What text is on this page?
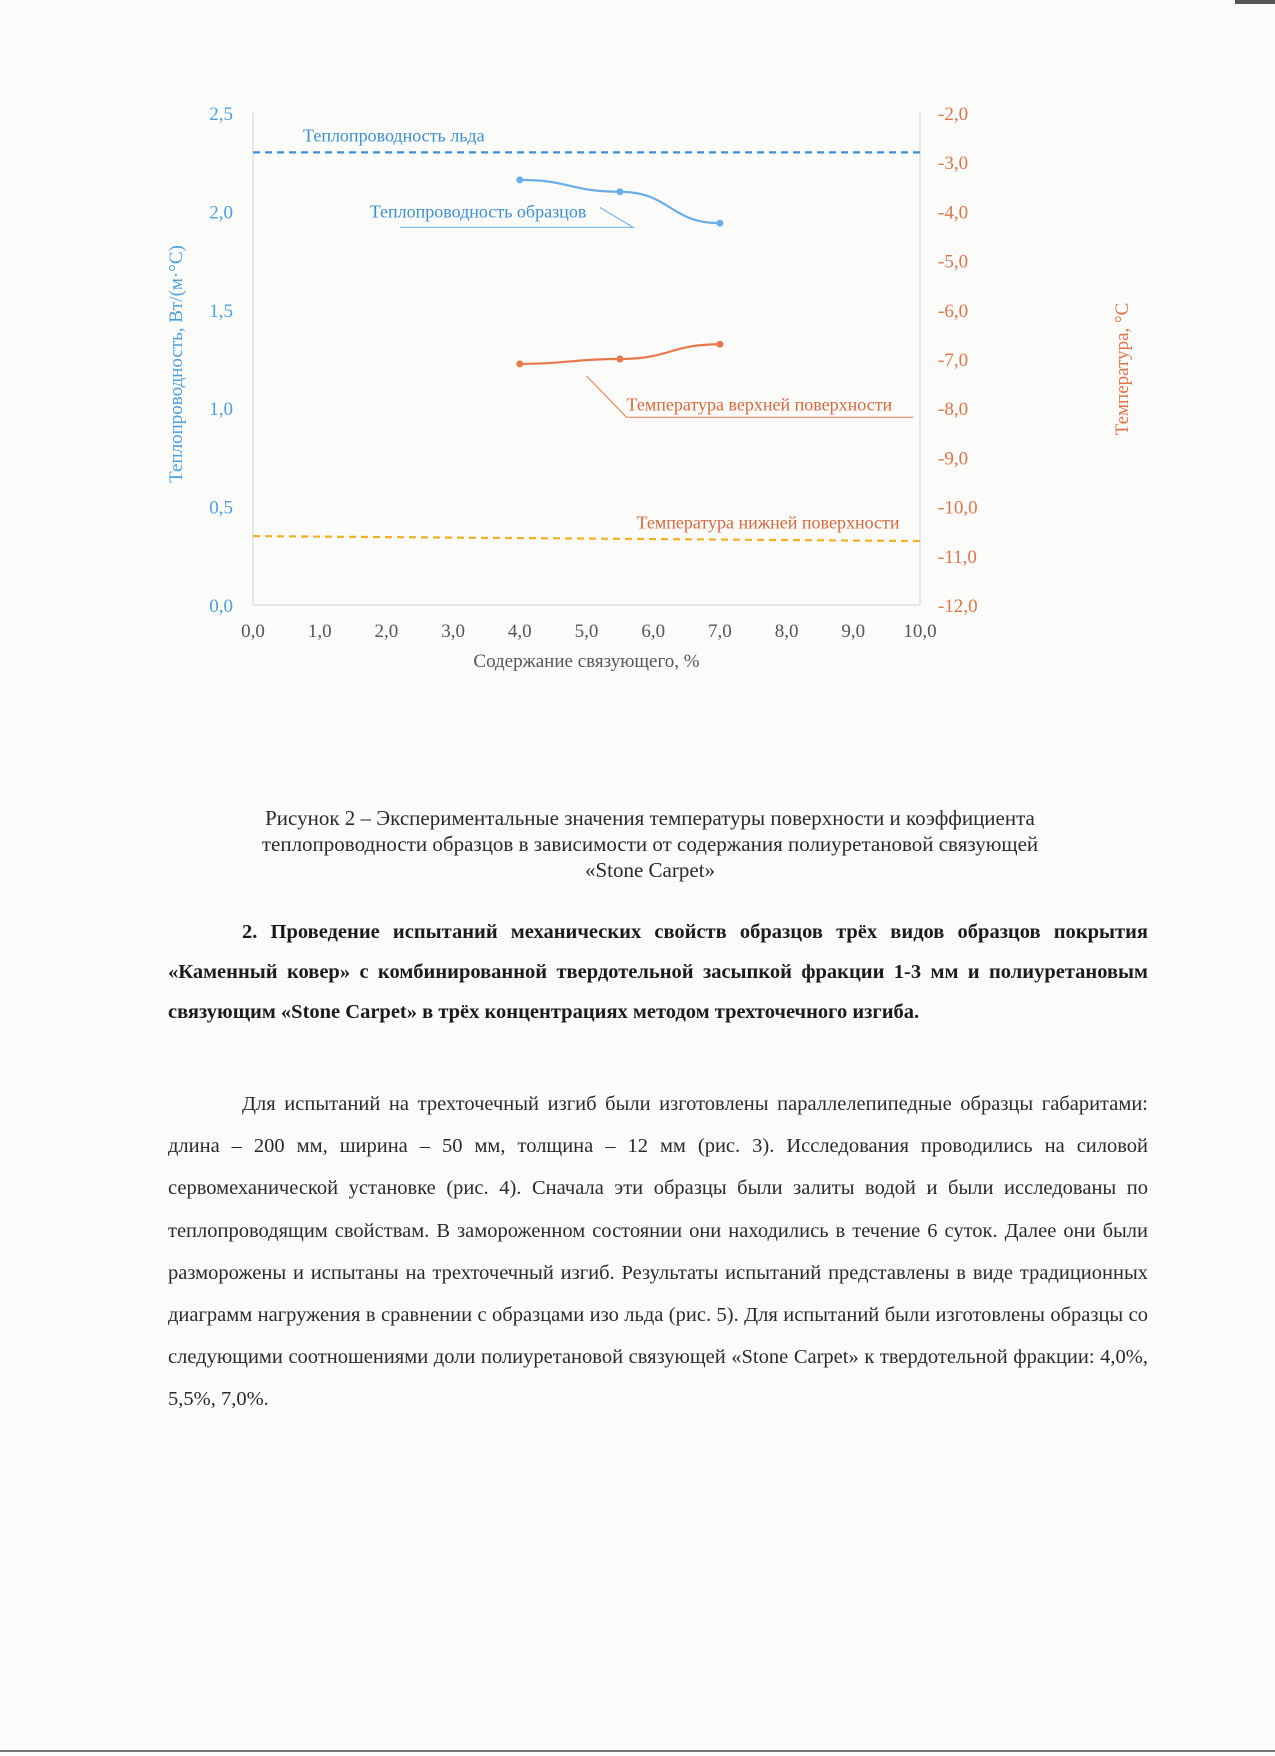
0,0 1,0 2,0 3,0 4,0 5,0 6,0 7,0 8,0 9,0 10,0
0,0
0,5
1,0
1,5
2,0
2,5	-2,0
-3,0
-4,0
-5,0
-6,0
-7,0
-8,0
-9,0
-10,0
-11,0
-12,0
Содержание связующего, %
Теплопроводность, Вт/(м·°С)	Температура, °С
Теплопроводность льда
Теплопроводность образцов
Температура верхней поверхности
Температура нижней поверхности
Рисунок 2 – Экспериментальные значения температуры поверхности и коэффициента
теплопроводности образцов в зависимости от содержания полиуретановой связующей
«Stone Carpet»
2. Проведение испытаний механических свойств образцов трёх видов образцов покрытия «Каменный ковер» с комбинированной твердотельной засыпкой фракции 1-3 мм и полиуретановым связующим «Stone Carpet» в трёх концентрациях методом трехточечного изгиба.
Для испытаний на трехточечный изгиб были изготовлены параллелепипедные образцы габаритами: длина – 200 мм, ширина – 50 мм, толщина – 12 мм (рис. 3). Исследования проводились на силовой сервомеханической установке (рис. 4). Сначала эти образцы были залиты водой и были исследованы по теплопроводящим свойствам. В замороженном состоянии они находились в течение 6 суток. Далее они были разморожены и испытаны на трехточечный изгиб. Результаты испытаний представлены в виде традиционных диаграмм нагружения в сравнении с образцами изо льда (рис. 5). Для испытаний были изготовлены образцы со следующими соотношениями доли полиуретановой связующей «Stone Carpet» к твердотельной фракции: 4,0%, 5,5%, 7,0%.
